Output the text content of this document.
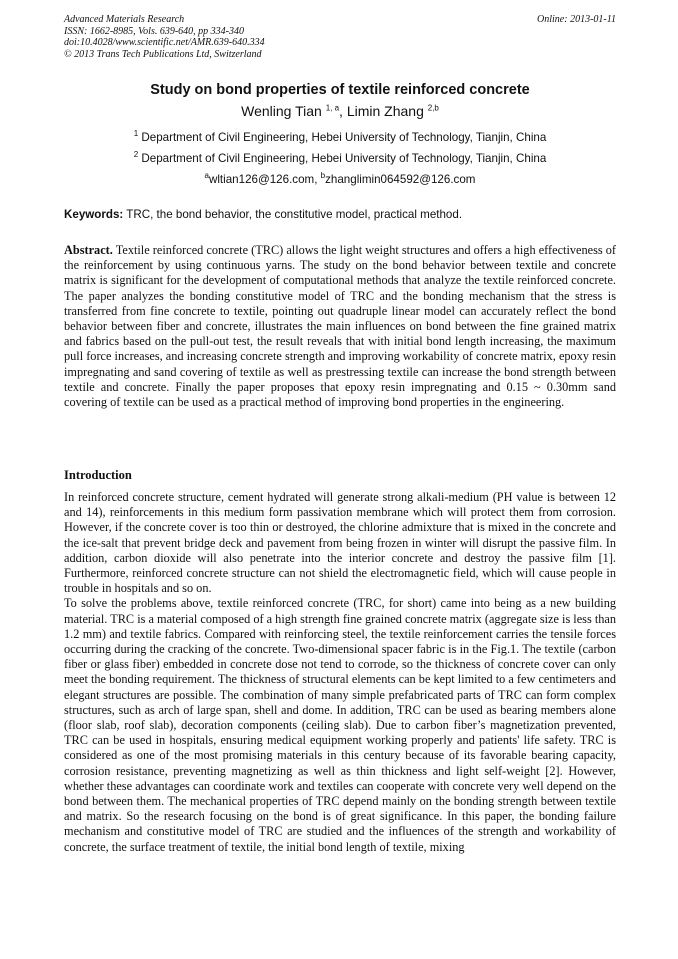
Advanced Materials Research
ISSN: 1662-8985, Vols. 639-640, pp 334-340
doi:10.4028/www.scientific.net/AMR.639-640.334
© 2013 Trans Tech Publications Ltd, Switzerland
Online: 2013-01-11
Study on bond properties of textile reinforced concrete
Wenling Tian $^{1, a}$, Limin Zhang $^{2,b}$
$^1$ Department of Civil Engineering, Hebei University of Technology, Tianjin, China
$^2$ Department of Civil Engineering, Hebei University of Technology, Tianjin, China
$^a$wltian126@126.com, $^b$zhanglimin064592@126.com
Keywords: TRC, the bond behavior, the constitutive model, practical method.
Abstract. Textile reinforced concrete (TRC) allows the light weight structures and offers a high effectiveness of the reinforcement by using continuous yarns. The study on the bond behavior between textile and concrete matrix is significant for the development of computational methods that analyze the textile reinforced concrete. The paper analyzes the bonding constitutive model of TRC and the bonding mechanism that the stress is transferred from fine concrete to textile, pointing out quadruple linear model can accurately reflect the bond behavior between fiber and concrete, illustrates the main influences on bond between the fine grained matrix and fabrics based on the pull-out test, the result reveals that with initial bond length increasing, the maximum pull force increases, and increasing concrete strength and improving workability of concrete matrix, epoxy resin impregnating and sand covering of textile as well as prestressing textile can increase the bond strength between textile and concrete. Finally the paper proposes that epoxy resin impregnating and 0.15 ~ 0.30mm sand covering of textile can be used as a practical method of improving bond properties in the engineering.
Introduction

In reinforced concrete structure, cement hydrated will generate strong alkali-medium (PH value is between 12 and 14), reinforcements in this medium form passivation membrane which will protect them from corrosion. However, if the concrete cover is too thin or destroyed, the chlorine admixture that is mixed in the concrete and the ice-salt that prevent bridge deck and pavement from being frozen in winter will disrupt the passive film. In addition, carbon dioxide will also penetrate into the interior concrete and destroy the passive film [1]. Furthermore, reinforced concrete structure can not shield the electromagnetic field, which will cause people in trouble in hospitals and so on.

To solve the problems above, textile reinforced concrete (TRC, for short) came into being as a new building material. TRC is a material composed of a high strength fine grained concrete matrix (aggregate size is less than 1.2 mm) and textile fabrics. Compared with reinforcing steel, the textile reinforcement carries the tensile forces occurring during the cracking of the concrete. Two-dimensional spacer fabric is in the Fig.1. The textile (carbon fiber or glass fiber) embedded in concrete dose not tend to corrode, so the thickness of concrete cover can only meet the bonding requirement. The thickness of structural elements can be kept limited to a few centimeters and elegant structures are possible. The combination of many simple prefabricated parts of TRC can form complex structures, such as arch of large span, shell and dome. In addition, TRC can be used as bearing members alone (floor slab, roof slab), decoration components (ceiling slab). Due to carbon fiber’s magnetization prevented, TRC can be used in hospitals, ensuring medical equipment working properly and patients' life safety. TRC is considered as one of the most promising materials in this century because of its favorable bearing capacity, corrosion resistance, preventing magnetizing as well as thin thickness and light self-weight [2]. However, whether these advantages can coordinate work and textiles can cooperate with concrete very well depend on the bond between them. The mechanical properties of TRC depend mainly on the bonding strength between textile and matrix. So the research focusing on the bond is of great significance. In this paper, the bonding failure mechanism and constitutive model of TRC are studied and the influences of the strength and workability of concrete, the surface treatment of textile, the initial bond length of textile, mixing
